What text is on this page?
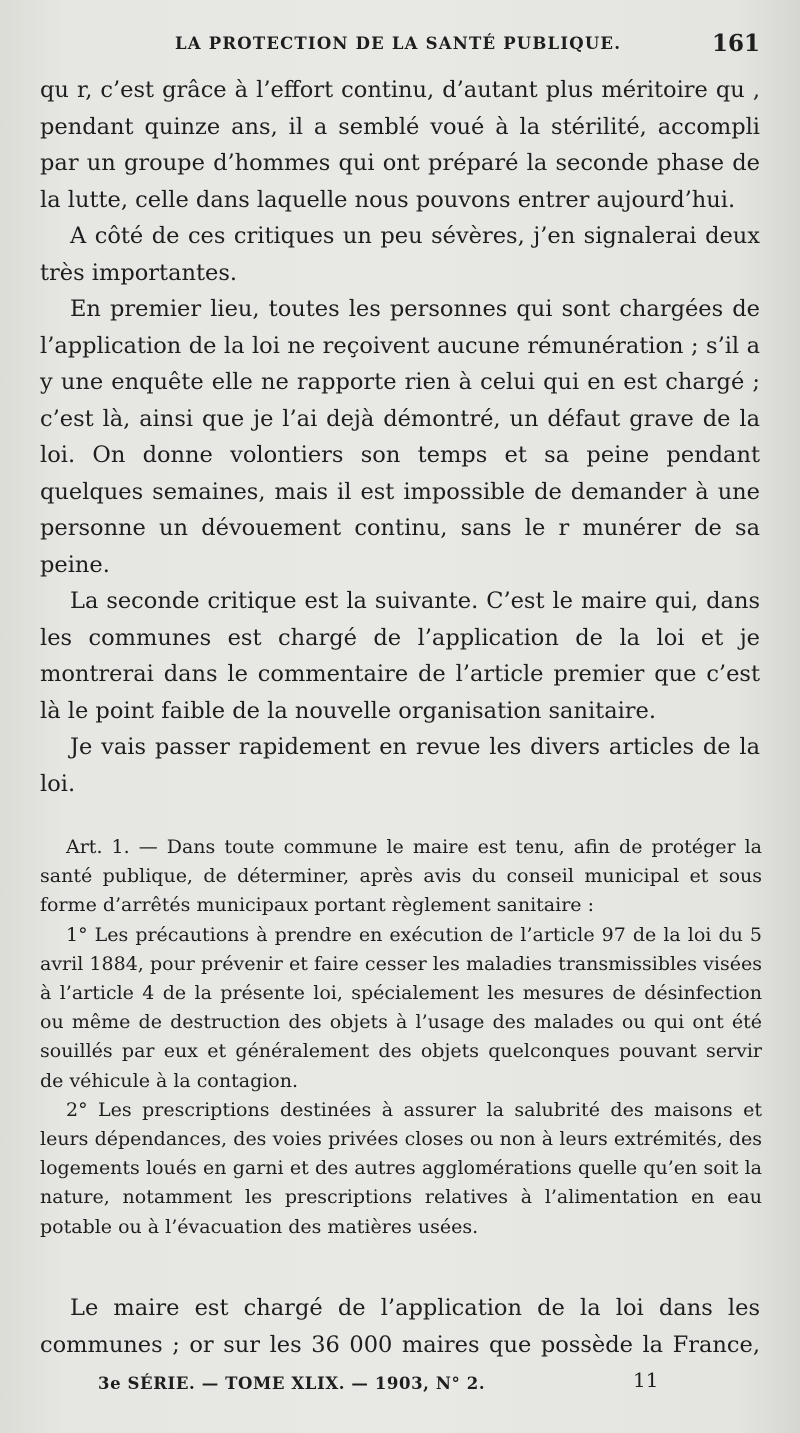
LA PROTECTION DE LA SANTÉ PUBLIQUE.	161

qu r, c’est grâce à l’effort continu, d’autant plus méritoire qu , pendant quinze ans, il a semblé voué à la stérilité, accompli par un groupe d’hommes qui ont préparé la seconde phase de la lutte, celle dans laquelle nous pouvons entrer aujourd’hui.

A côté de ces critiques un peu sévères, j’en signalerai deux très importantes.

En premier lieu, toutes les personnes qui sont chargées de l’application de la loi ne reçoivent aucune rémunération ; s’il a y une enquête elle ne rapporte rien à celui qui en est chargé ; c’est là, ainsi que je l’ai dejà démontré, un défaut grave de la loi. On donne volontiers son temps et sa peine pendant quelques semaines, mais il est impossible de demander à une personne un dévouement continu, sans le r munérer de sa peine.

La seconde critique est la suivante. C’est le maire qui, dans les communes est chargé de l’application de la loi et je montrerai dans le commentaire de l’article premier que c’est là le point faible de la nouvelle organisation sanitaire.

Je vais passer rapidement en revue les divers articles de la loi.

Art. 1. — Dans toute commune le maire est tenu, afin de protéger la santé publique, de déterminer, après avis du conseil municipal et sous forme d’arrêtés municipaux portant règlement sanitaire :

1° Les précautions à prendre en exécution de l’article 97 de la loi du 5 avril 1884, pour prévenir et faire cesser les maladies transmissibles visées à l’article 4 de la présente loi, spécialement les mesures de désinfection ou même de destruction des objets à l’usage des malades ou qui ont été souillés par eux et généralement des objets quelconques pouvant servir de véhicule à la contagion.

2° Les prescriptions destinées à assurer la salubrité des maisons et leurs dépendances, des voies privées closes ou non à leurs extrémités, des logements loués en garni et des autres agglomérations quelle qu’en soit la nature, notamment les prescriptions relatives à l’alimentation en eau potable ou à l’évacuation des matières usées.

Le maire est chargé de l’application de la loi dans les communes ; or sur les 36 000 maires que possède la France,

3e SÉRIE. — TOME XLIX. — 1903, N° 2.	11
